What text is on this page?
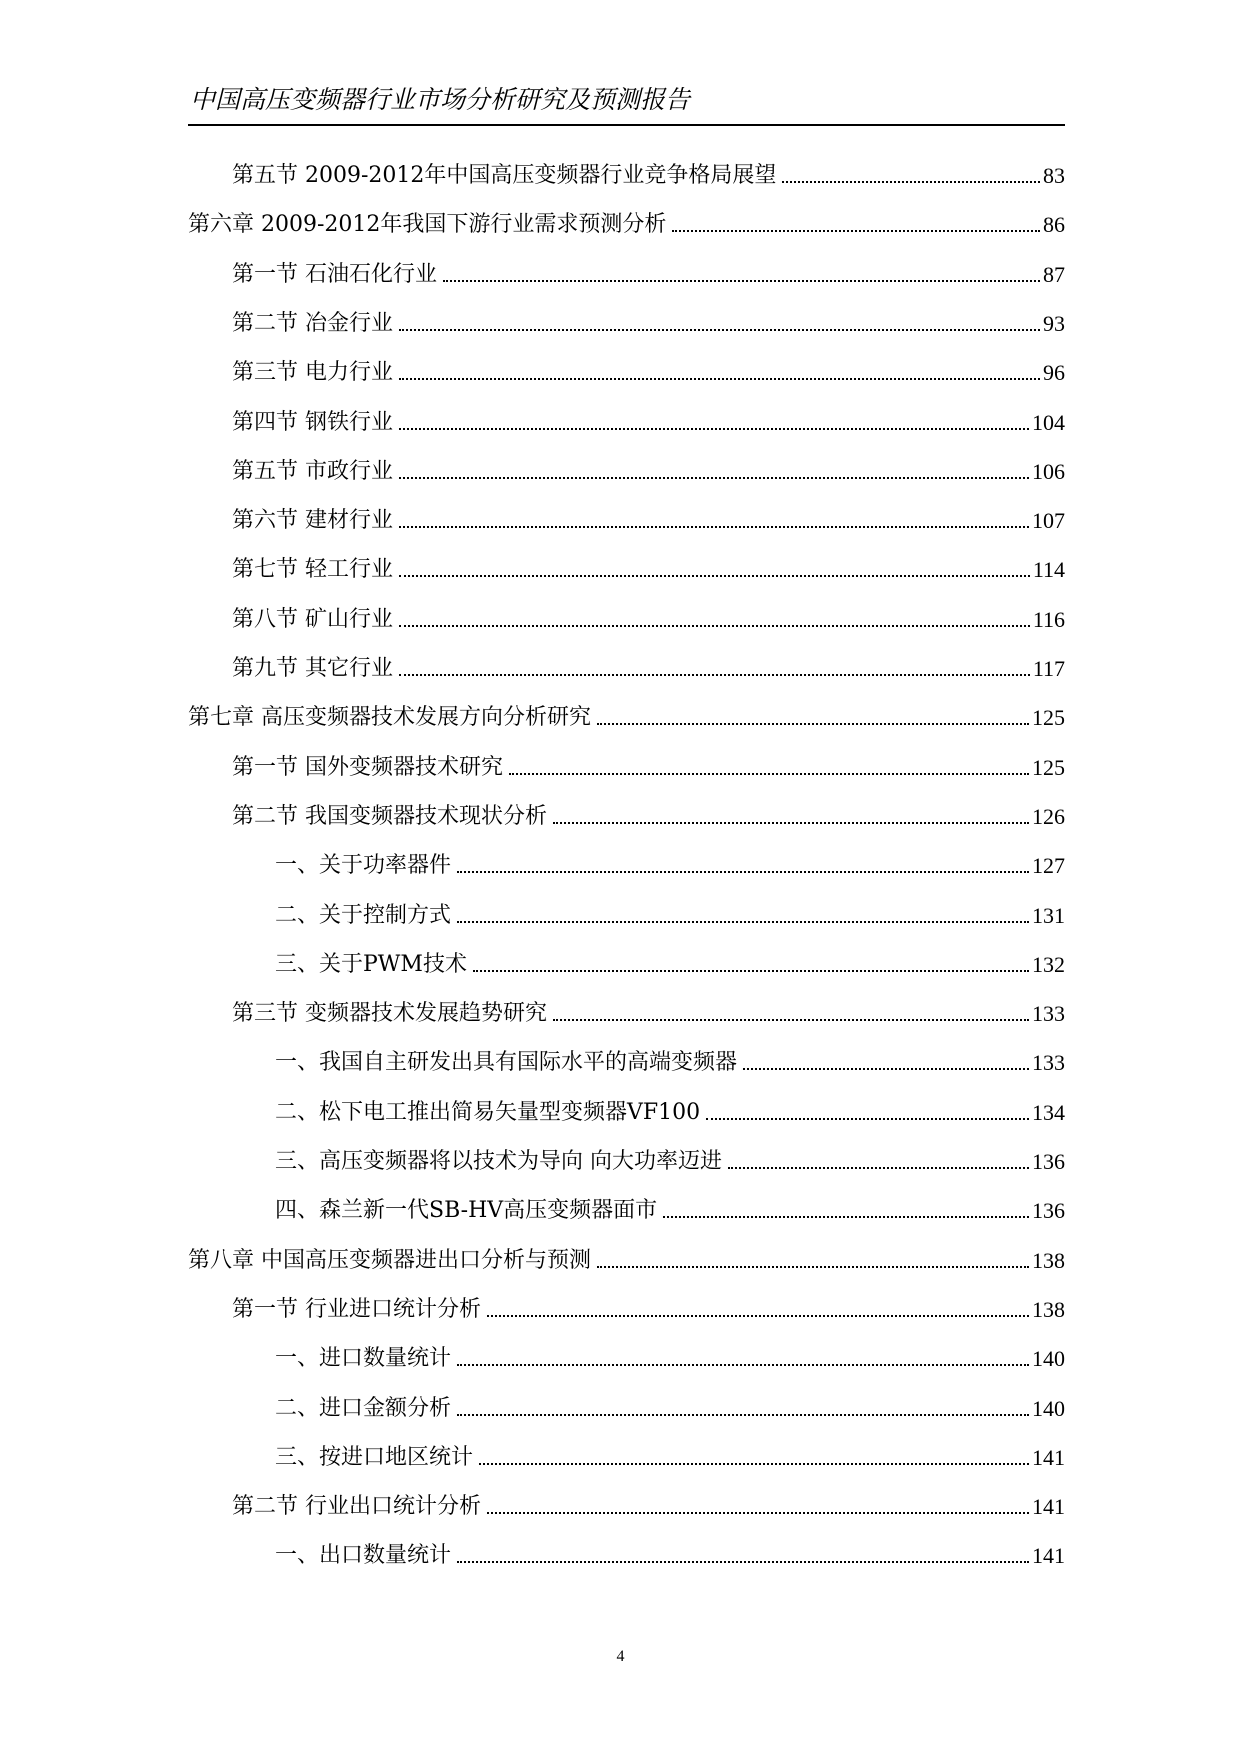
中国高压变频器行业市场分析研究及预测报告
第五节 2009-2012年中国高压变频器行业竞争格局展望	83
第六章 2009-2012年我国下游行业需求预测分析	86
第一节 石油石化行业	87
第二节 冶金行业	93
第三节 电力行业	96
第四节 钢铁行业	104
第五节 市政行业	106
第六节 建材行业	107
第七节 轻工行业	114
第八节 矿山行业	116
第九节 其它行业	117
第七章 高压变频器技术发展方向分析研究	125
第一节 国外变频器技术研究	125
第二节 我国变频器技术现状分析	126
一、关于功率器件	127
二、关于控制方式	131
三、关于PWM技术	132
第三节 变频器技术发展趋势研究	133
一、我国自主研发出具有国际水平的高端变频器	133
二、松下电工推出简易矢量型变频器VF100	134
三、高压变频器将以技术为导向 向大功率迈进	136
四、森兰新一代SB-HV高压变频器面市	136
第八章 中国高压变频器进出口分析与预测	138
第一节 行业进口统计分析	138
一、进口数量统计	140
二、进口金额分析	140
三、按进口地区统计	141
第二节 行业出口统计分析	141
一、出口数量统计	141
4
